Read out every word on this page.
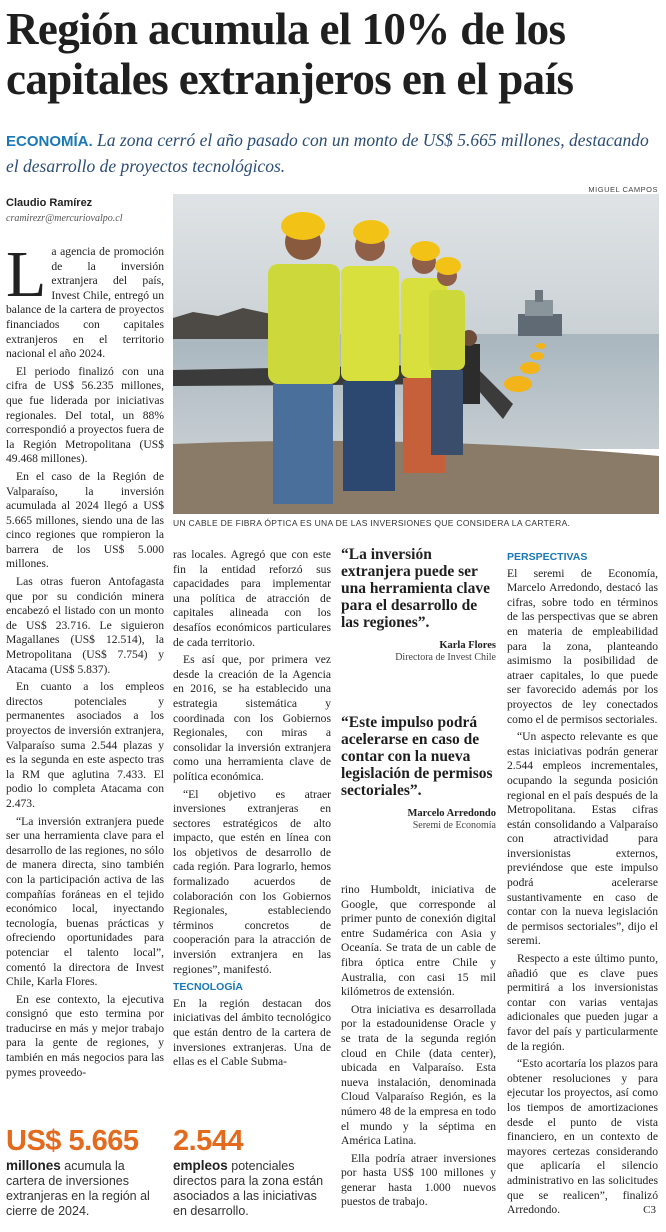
Región acumula el 10% de los capitales extranjeros en el país
ECONOMÍA. La zona cerró el año pasado con un monto de US$ 5.665 millones, destacando el desarrollo de proyectos tecnológicos.
MIGUEL CAMPOS
Claudio Ramírez
cramirezr@mercuriovalpo.cl
L a agencia de promoción de la inversión extranjera del país, Invest Chile, entregó un balance de la cartera de proyectos financiados con capitales extranjeros en el territorio nacional el año 2024.

El periodo finalizó con una cifra de US$ 56.235 millones, que fue liderada por iniciativas regionales. Del total, un 88% correspondió a proyectos fuera de la Región Metropolitana (US$ 49.468 millones).

En el caso de la Región de Valparaíso, la inversión acumulada al 2024 llegó a US$ 5.665 millones, siendo una de las cinco regiones que rompieron la barrera de los US$ 5.000 millones.

Las otras fueron Antofagasta que por su condición minera encabezó el listado con un monto de US$ 23.716. Le siguieron Magallanes (US$ 12.514), la Metropolitana (US$ 7.754) y Atacama (US$ 5.837).

En cuanto a los empleos directos potenciales y permanentes asociados a los proyectos de inversión extranjera, Valparaíso suma 2.544 plazas y es la segunda en este aspecto tras la RM que aglutina 7.433. El podio lo completa Atacama con 2.473.

“La inversión extranjera puede ser una herramienta clave para el desarrollo de las regiones, no sólo de manera directa, sino también con la participación activa de las compañías foráneas en el tejido económico local, inyectando tecnología, buenas prácticas y ofreciendo oportunidades para potenciar el talento local”, comentó la directora de Invest Chile, Karla Flores.

En ese contexto, la ejecutiva consignó que esto termina por traducirse en más y mejor trabajo para la gente de regiones, y también en más negocios para las pymes proveedo-

UN CABLE DE FIBRA ÓPTICA ES UNA DE LAS INVERSIONES QUE CONSIDERA LA CARTERA.

ras locales. Agregó que con este fin la entidad reforzó sus capacidades para implementar una política de atracción de capitales alineada con los desafíos económicos particulares de cada territorio.

Es así que, por primera vez desde la creación de la Agencia en 2016, se ha establecido una estrategia sistemática y coordinada con los Gobiernos Regionales, con miras a consolidar la inversión extranjera como una herramienta clave de política económica.

“El objetivo es atraer inversiones extranjeras en sectores estratégicos de alto impacto, que estén en línea con los objetivos de desarrollo de cada región. Para lograrlo, hemos formalizado acuerdos de colaboración con los Gobiernos Regionales, estableciendo términos concretos de cooperación para la atracción de inversión extranjera en las regiones”, manifestó.

TECNOLOGÍA

En la región destacan dos iniciativas del ámbito tecnológico que están dentro de la cartera de inversiones extranjeras. Una de ellas es el Cable Subma-

“La inversión extranjera puede ser una herramienta clave para el desarrollo de las regiones”.
Karla Flores
Directora de Invest Chile
“Este impulso podrá acelerarse en caso de contar con la nueva legislación de permisos sectoriales”.
Marcelo Arredondo
Seremi de Economía

rino Humboldt, iniciativa de Google, que corresponde al primer punto de conexión digital entre Sudamérica con Asia y Oceanía. Se trata de un cable de fibra óptica entre Chile y Australia, con casi 15 mil kilómetros de extensión.

Otra iniciativa es desarrollada por la estadounidense Oracle y se trata de la segunda región cloud en Chile (data center), ubicada en Valparaíso. Esta nueva instalación, denominada Cloud Valparaíso Región, es la número 48 de la empresa en todo el mundo y la séptima en América Latina.

Ella podría atraer inversiones por hasta US$ 100 millones y generar hasta 1.000 nuevos puestos de trabajo.

PERSPECTIVAS

El seremi de Economía, Marcelo Arredondo, destacó las cifras, sobre todo en términos de las perspectivas que se abren en materia de empleabilidad para la zona, planteando asimismo la posibilidad de atraer capitales, lo que puede ser favorecido además por los proyectos de ley conectados como el de permisos sectoriales.

“Un aspecto relevante es que estas iniciativas podrán generar 2.544 empleos incrementales, ocupando la segunda posición regional en el país después de la Metropolitana. Estas cifras están consolidando a Valparaíso con atractividad para inversionistas externos, previéndose que este impulso podrá acelerarse sustantivamente en caso de contar con la nueva legislación de permisos sectoriales”, dijo el seremi.

Respecto a este último punto, añadió que es clave pues permitirá a los inversionistas contar con varias ventajas adicionales que pueden jugar a favor del país y particularmente de la región.

“Esto acortaría los plazos para obtener resoluciones y para ejecutar los proyectos, así como los tiempos de amortizaciones desde el punto de vista financiero, en un contexto de mayores certezas considerando que aplicaría el silencio administrativo en las solicitudes que se realicen”, finalizó Arredondo.

US$ 5.665
millones acumula la cartera de inversiones extranjeras en la región al cierre de 2024.
2.544
empleos potenciales directos para la zona están asociados a las iniciativas en desarrollo.	C3
